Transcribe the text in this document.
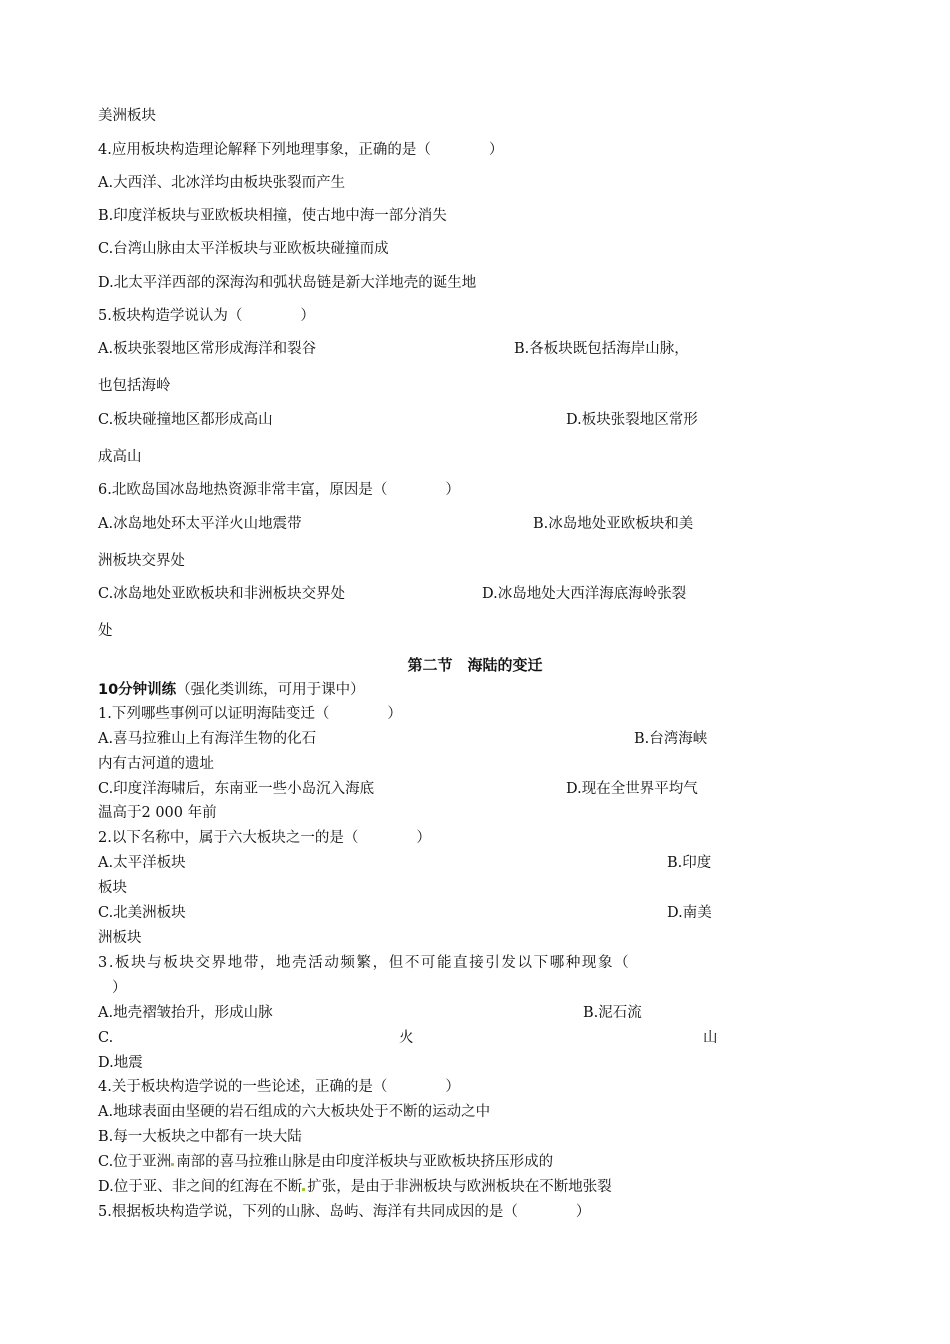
美洲板块
4.应用板块构造理论解释下列地理事象，正确的是（　　　　）
A.大西洋、北冰洋均由板块张裂而产生
B.印度洋板块与亚欧板块相撞，使古地中海一部分消失
C.台湾山脉由太平洋板块与亚欧板块碰撞而成
D.北太平洋西部的深海沟和弧状岛链是新大洋地壳的诞生地
5.板块构造学说认为（　　　　）
A.板块张裂地区常形成海洋和裂谷	B.各板块既包括海岸山脉，
也包括海岭
C.板块碰撞地区都形成高山	D.板块张裂地区常形
成高山
6.北欧岛国冰岛地热资源非常丰富，原因是（　　　　）
A.冰岛地处环太平洋火山地震带	B.冰岛地处亚欧板块和美
洲板块交界处
C.冰岛地处亚欧板块和非洲板块交界处	D.冰岛地处大西洋海底海岭张裂
处
第二节　海陆的变迁
10分钟训练（强化类训练，可用于课中）
1.下列哪些事例可以证明海陆变迁（　　　　）
A.喜马拉雅山上有海洋生物的化石	B.台湾海峡
内有古河道的遗址
C.印度洋海啸后，东南亚一些小岛沉入海底	D.现在全世界平均气
温高于2 000 年前
2.以下名称中，属于六大板块之一的是（　　　　）
A.太平洋板块	B.印度
板块
C.北美洲板块	D.南美
洲板块
3.板块与板块交界地带，地壳活动频繁，但不可能直接引发以下哪种现象（
）
A.地壳褶皱抬升，形成山脉	B.泥石流
C.	火	山
D.地震
4.关于板块构造学说的一些论述，正确的是（　　　　）
A.地球表面由坚硬的岩石组成的六大板块处于不断的运动之中
B.每一大板块之中都有一块大陆
C.位于亚洲 南部的喜马拉雅山脉是由印度洋板块与亚欧板块挤压形成的
D.位于亚、非之间的红海在不断 扩张，是由于非洲板块与欧洲板块在不断地张裂
5.根据板块构造学说，下列的山脉、岛屿、海洋有共同成因的是（　　　　）
